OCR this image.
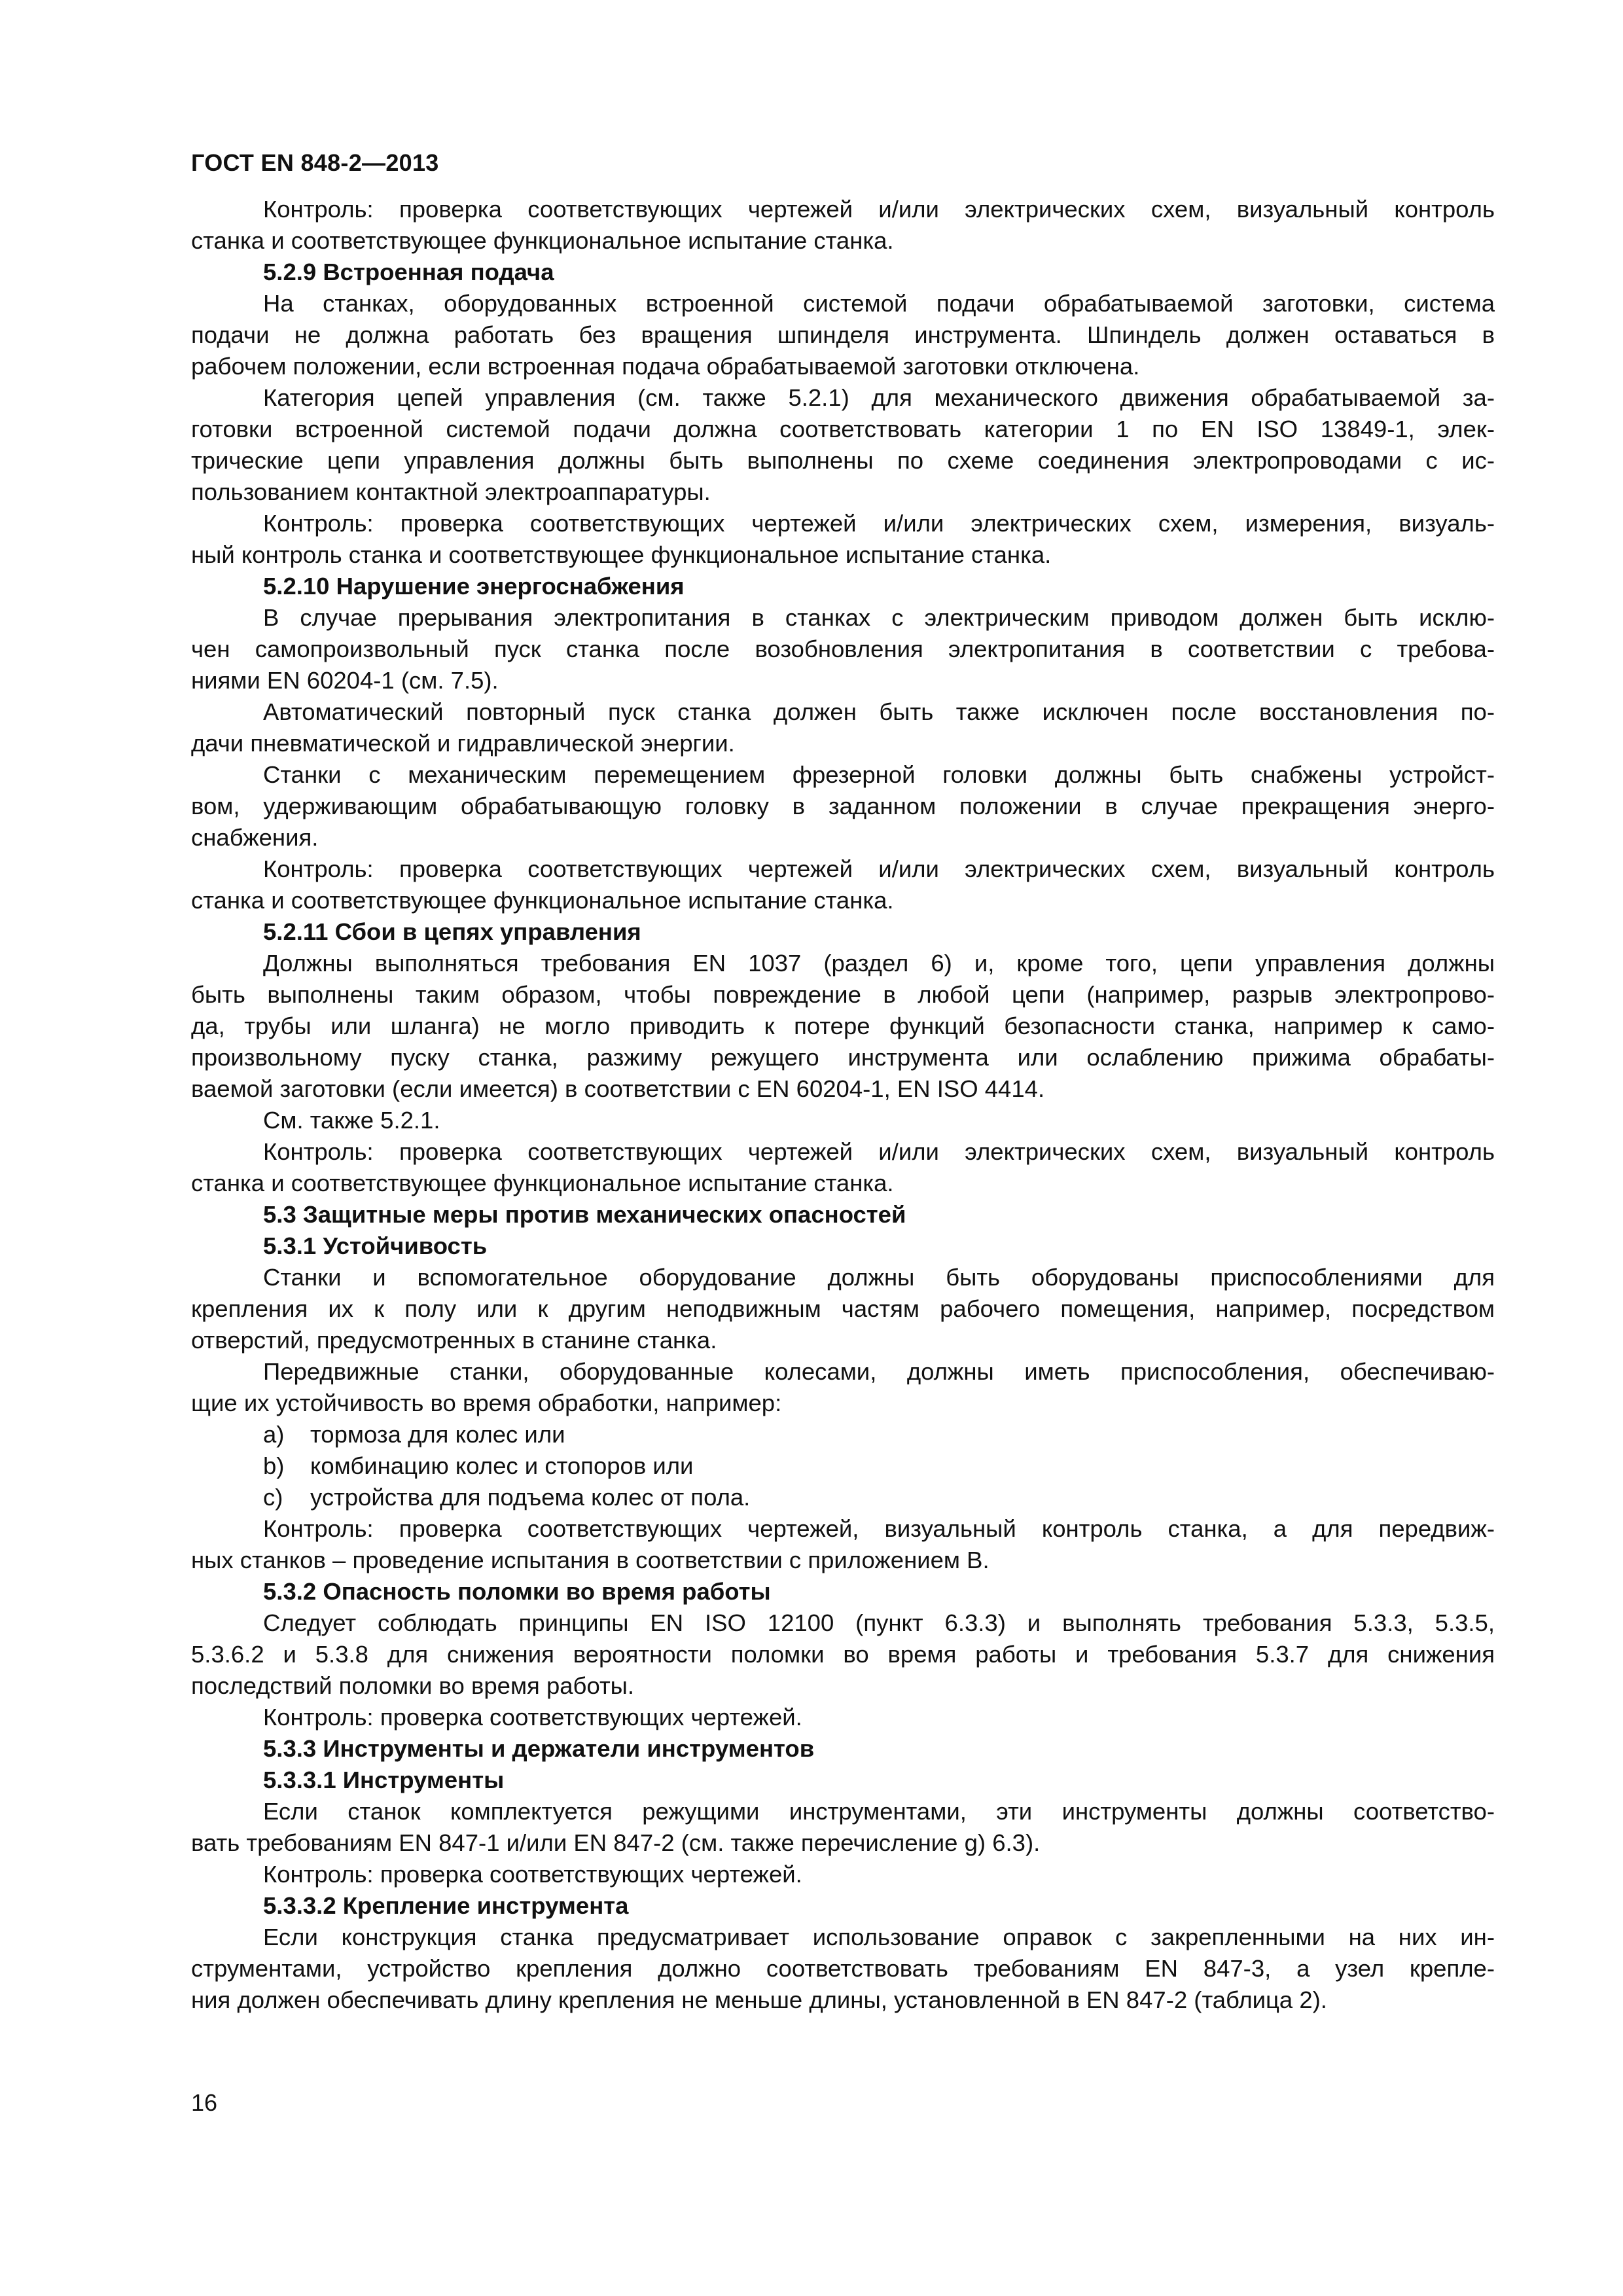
ГОСТ EN 848-2—2013
Контроль: проверка соответствующих чертежей и/или электрических схем, визуальный контроль
станка и соответствующее функциональное испытание станка.
5.2.9 Встроенная подача
На станках, оборудованных встроенной системой подачи обрабатываемой заготовки, система
подачи не должна работать без вращения шпинделя инструмента. Шпиндель должен оставаться в
рабочем положении, если встроенная подача обрабатываемой заготовки отключена.
Категория цепей управления (см. также 5.2.1) для механического движения обрабатываемой за-
готовки встроенной системой подачи должна соответствовать категории 1 по EN ISO 13849-1, элек-
трические цепи управления должны быть выполнены по схеме соединения электропроводами с ис-
пользованием контактной электроаппаратуры.
Контроль: проверка соответствующих чертежей и/или электрических схем, измерения, визуаль-
ный контроль станка и соответствующее функциональное испытание станка.
5.2.10 Нарушение энергоснабжения
В случае прерывания электропитания в станках с электрическим приводом должен быть исклю-
чен самопроизвольный пуск станка после возобновления электропитания в соответствии с требова-
ниями EN 60204-1 (см. 7.5).
Автоматический повторный пуск станка должен быть также исключен после восстановления по-
дачи пневматической и гидравлической энергии.
Станки с механическим перемещением фрезерной головки должны быть снабжены устройст-
вом, удерживающим обрабатывающую головку в заданном положении в случае прекращения энерго-
снабжения.
Контроль: проверка соответствующих чертежей и/или электрических схем, визуальный контроль
станка и соответствующее функциональное испытание станка.
5.2.11 Сбои в цепях управления
Должны выполняться требования EN 1037 (раздел 6) и, кроме того, цепи управления должны
быть выполнены таким образом, чтобы повреждение в любой цепи (например, разрыв электропрово-
да, трубы или шланга) не могло приводить к потере функций безопасности станка, например к само-
произвольному пуску станка, разжиму режущего инструмента или ослаблению прижима обрабаты-
ваемой заготовки (если имеется) в соответствии с EN 60204-1, EN ISO 4414.
См. также 5.2.1.
Контроль: проверка соответствующих чертежей и/или электрических схем, визуальный контроль
станка и соответствующее функциональное испытание станка.
5.3 Защитные меры против механических опасностей
5.3.1 Устойчивость
Станки и вспомогательное оборудование должны быть оборудованы приспособлениями для
крепления их к полу или к другим неподвижным частям рабочего помещения, например, посредством
отверстий, предусмотренных в станине станка.
Передвижные станки, оборудованные колесами, должны иметь приспособления, обеспечиваю-
щие их устойчивость во время обработки, например:
a) тормоза для колес или
b) комбинацию колес и стопоров или
c) устройства для подъема колес от пола.
Контроль: проверка соответствующих чертежей, визуальный контроль станка, а для передвиж-
ных станков – проведение испытания в соответствии с приложением В.
5.3.2 Опасность поломки во время работы
Следует соблюдать принципы EN ISO 12100 (пункт 6.3.3) и выполнять требования 5.3.3, 5.3.5,
5.3.6.2 и 5.3.8 для снижения вероятности поломки во время работы и требования 5.3.7 для снижения
последствий поломки во время работы.
Контроль: проверка соответствующих чертежей.
5.3.3 Инструменты и держатели инструментов
5.3.3.1 Инструменты
Если станок комплектуется режущими инструментами, эти инструменты должны соответство-
вать требованиям EN 847-1 и/или EN 847-2 (см. также перечисление g) 6.3).
Контроль: проверка соответствующих чертежей.
5.3.3.2 Крепление инструмента
Если конструкция станка предусматривает использование оправок с закрепленными на них ин-
струментами, устройство крепления должно соответствовать требованиям EN 847-3, а узел крепле-
ния должен обеспечивать длину крепления не меньше длины, установленной в EN 847-2 (таблица 2).
16
